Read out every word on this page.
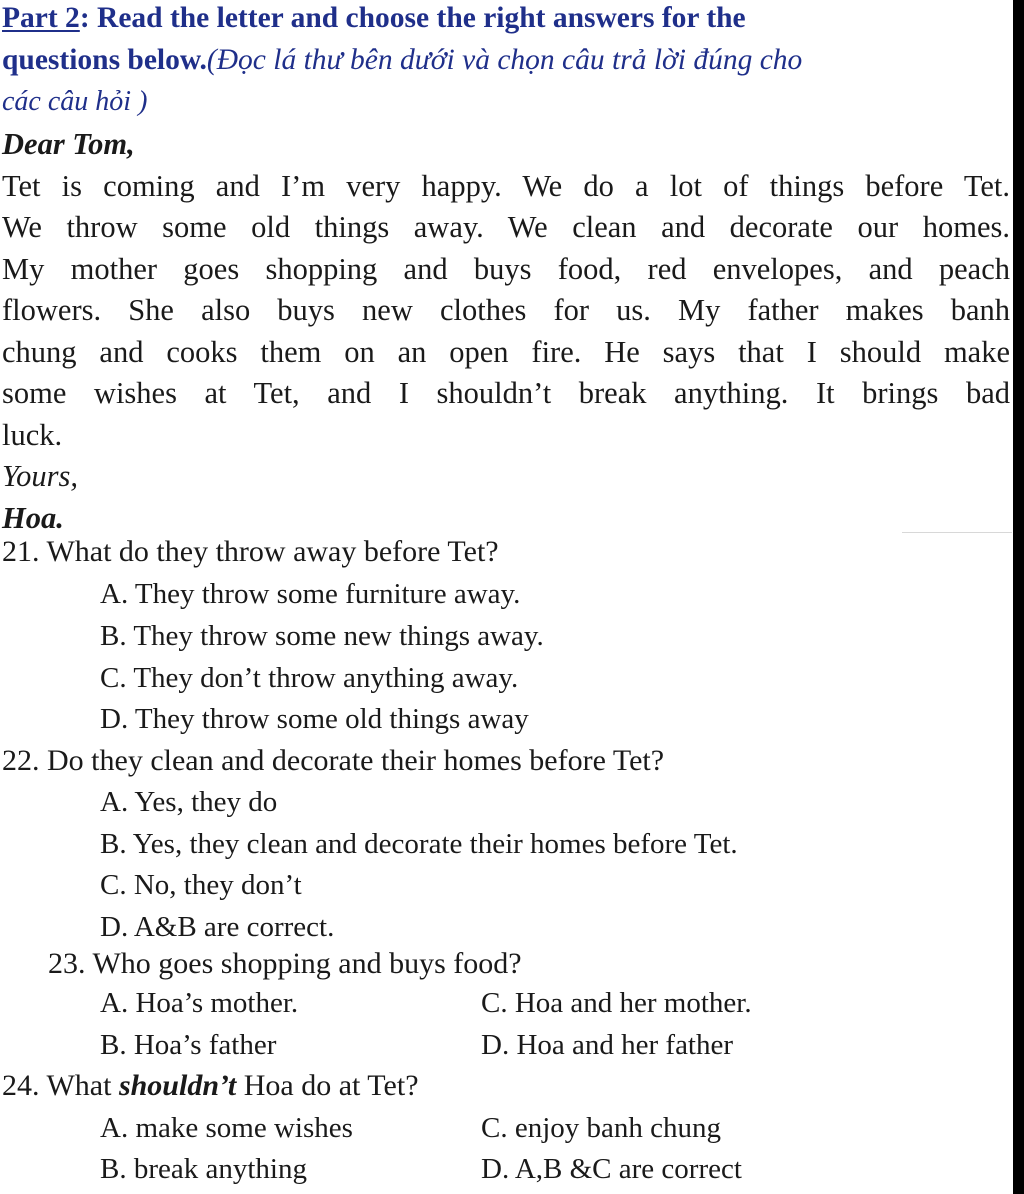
Part 2: Read the letter and choose the right answers for the
questions below.(Đọc lá thư bên dưới và chọn câu trả lời đúng cho
các câu hỏi )
Dear Tom,
Tet is coming and I’m very happy. We do a lot of things before Tet.
We throw some old things away. We clean and decorate our homes.
My mother goes shopping and buys food, red envelopes, and peach
flowers. She also buys new clothes for us. My father makes banh
chung and cooks them on an open fire. He says that I should make
some wishes at Tet, and I shouldn’t break anything. It brings bad
luck.
Yours,
Hoa.
21. What do they throw away before Tet?
A. They throw some furniture away.
B. They throw some new things away.
C. They don’t throw anything away.
D. They throw some old things away
22. Do they clean and decorate their homes before Tet?
A. Yes, they do
B. Yes, they clean and decorate their homes before Tet.
C. No, they don’t
D. A&B are correct.
23. Who goes shopping and buys food?
A. Hoa’s mother.	C. Hoa and her mother.
B. Hoa’s father	D. Hoa and her father
24. What shouldn’t Hoa do at Tet?
A. make some wishes	C. enjoy banh chung
B. break anything	D. A,B &C are correct
